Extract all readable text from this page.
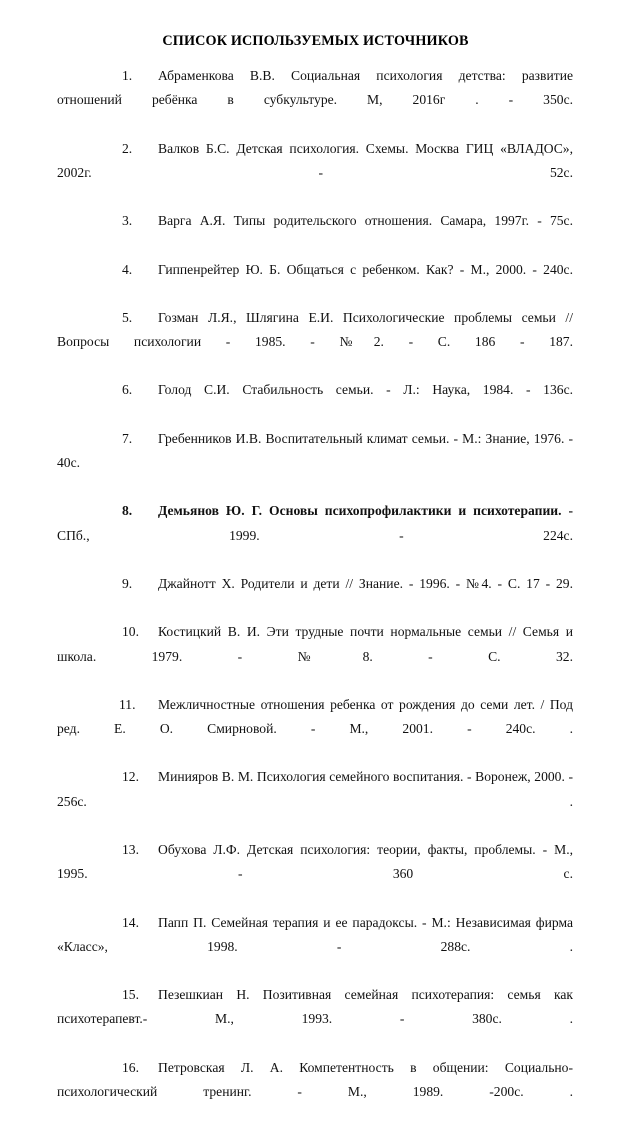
СПИСОК ИСПОЛЬЗУЕМЫХ ИСТОЧНИКОВ
1. Абраменкова В.В. Социальная психология детства: развитие отношений ребёнка в субкультуре. М, 2016г . - 350с.
2. Валков Б.С. Детская психология. Схемы. Москва ГИЦ «ВЛАДОС», 2002г. - 52с.
3. Варга А.Я. Типы родительского отношения. Самара, 1997г. - 75с.
4. Гиппенрейтер Ю. Б. Общаться с ребенком. Как? - М., 2000. - 240с.
5. Гозман Л.Я., Шлягина Е.И. Психологические проблемы семьи // Вопросы психологии - 1985. - №2. - С. 186 - 187.
6. Голод С.И. Стабильность семьи. - Л.: Наука, 1984. - 136с.
7. Гребенников И.В. Воспитательный климат семьи. - М.: Знание, 1976. - 40с.
8. Демьянов Ю. Г. Основы психопрофилактики и психотерапии. - СПб., 1999. - 224с.
9. Джайнотт Х. Родители и дети // Знание. - 1996. - №4. - С. 17 - 29.
10. Костицкий В. И. Эти трудные почти нормальные семьи // Семья и школа. 1979. - №8. - С. 32.
11. Межличностные отношения ребенка от рождения до семи лет. / Под ред. Е. О. Смирновой. - М., 2001. - 240с. .
12. Минияров В. М. Психология семейного воспитания. - Воронеж, 2000. - 256с. .
13. Обухова Л.Ф. Детская психология: теории, факты, проблемы. - М., 1995. - 360 с.
14. Папп П. Семейная терапия и ее парадоксы. - М.: Независимая фирма «Класс», 1998. - 288с. .
15. Пезешкиан Н. Позитивная семейная психотерапия: семья как психотерапевт.- М., 1993. - 380с. .
16. Петровская Л. А. Компетентность в общении: Социально-психологический тренинг. - М., 1989. -200с. .
